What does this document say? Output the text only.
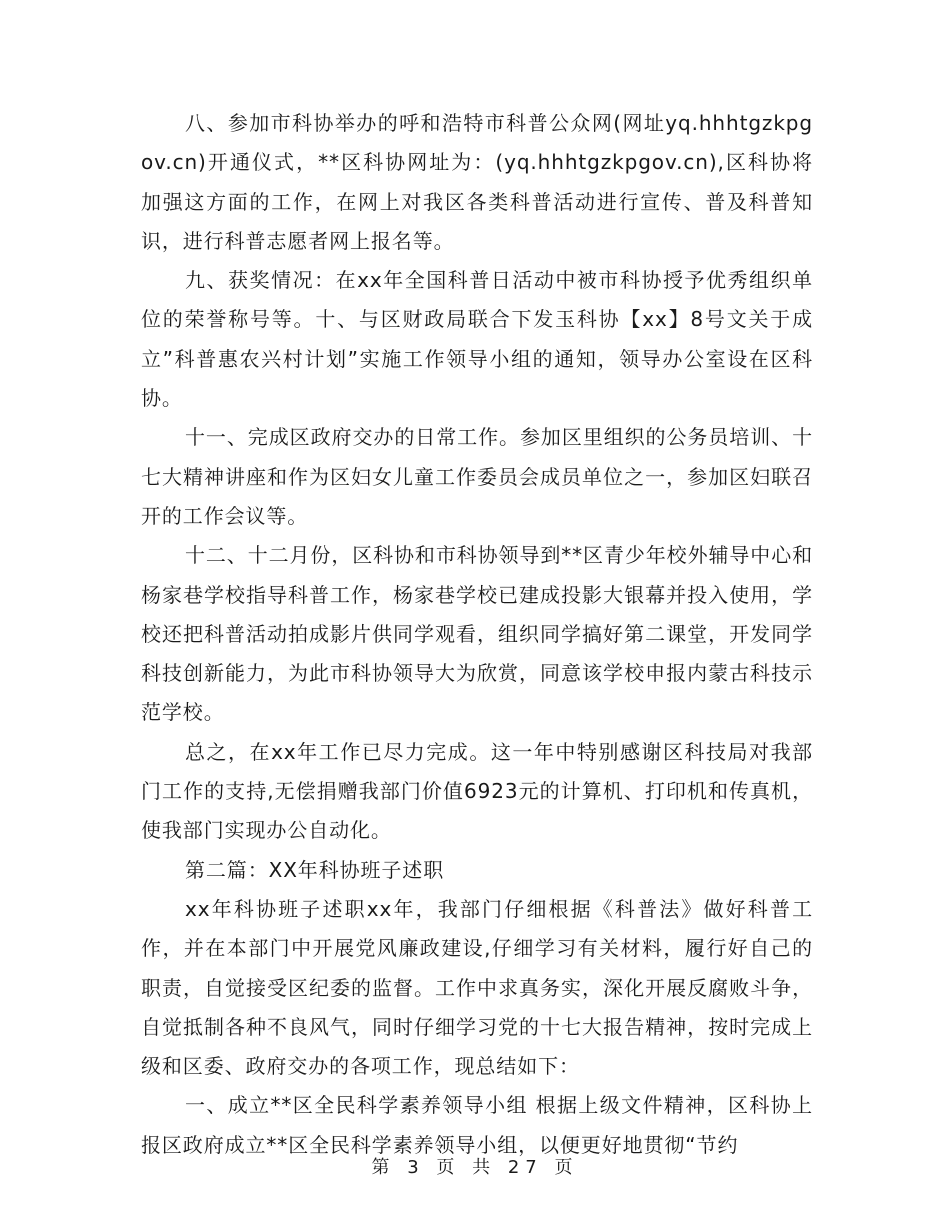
八、参加市科协举办的呼和浩特市科普公众网(网址yq.hhhtgzkpgov.cn)开通仪式，**区科协网址为：(yq.hhhtgzkpgov.cn),区科协将加强这方面的工作，在网上对我区各类科普活动进行宣传、普及科普知识，进行科普志愿者网上报名等。

九、获奖情况：在xx年全国科普日活动中被市科协授予优秀组织单位的荣誉称号等。十、与区财政局联合下发玉科协【xx】8号文关于成立”科普惠农兴村计划”实施工作领导小组的通知，领导办公室设在区科协。

十一、完成区政府交办的日常工作。参加区里组织的公务员培训、十七大精神讲座和作为区妇女儿童工作委员会成员单位之一，参加区妇联召开的工作会议等。

十二、十二月份，区科协和市科协领导到**区青少年校外辅导中心和杨家巷学校指导科普工作，杨家巷学校已建成投影大银幕并投入使用，学校还把科普活动拍成影片供同学观看，组织同学搞好第二课堂，开发同学科技创新能力，为此市科协领导大为欣赏，同意该学校申报内蒙古科技示范学校。

总之，在xx年工作已尽力完成。这一年中特别感谢区科技局对我部门工作的支持,无偿捐赠我部门价值6923元的计算机、打印机和传真机，使我部门实现办公自动化。

第二篇：XX年科协班子述职

xx年科协班子述职xx年，我部门仔细根据《科普法》做好科普工作，并在本部门中开展党风廉政建设,仔细学习有关材料，履行好自己的职责，自觉接受区纪委的监督。工作中求真务实，深化开展反腐败斗争，自觉抵制各种不良风气，同时仔细学习党的十七大报告精神，按时完成上级和区委、政府交办的各项工作，现总结如下：

一、成立**区全民科学素养领导小组 根据上级文件精神，区科协上报区政府成立**区全民科学素养领导小组，以便更好地贯彻“节约

第 3 页 共 27 页
